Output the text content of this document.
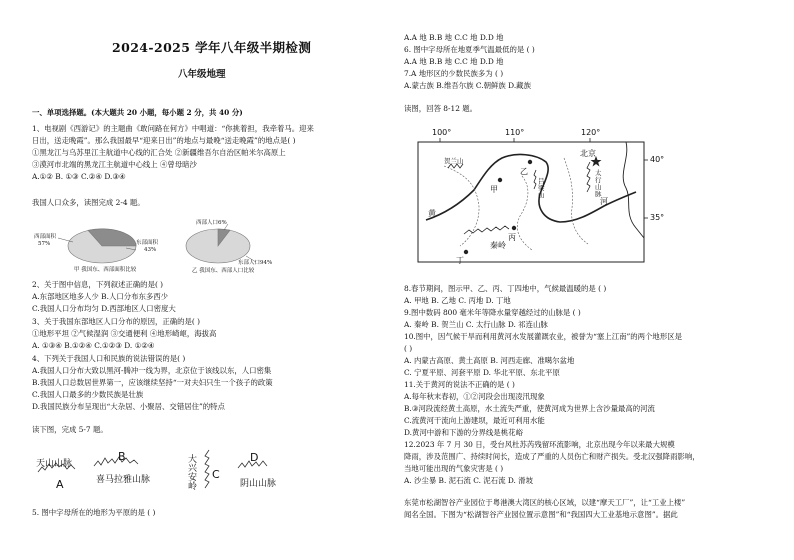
2024-2025 学年八年级半期检测
八年级地理
一、单项选择题。(本大题共 20 小题，每小题 2 分，共 40 分)
1、电视剧《西游记》的主题曲《敢问路在何方》中唱道：“你挑着担，我牵着马。迎来
日出，送走晚霞”。那么我国最早“迎来日出”的地点与最晚“送走晚霞”的地点是( )
①黑龙江与乌苏里江主航道中心线的汇合处 ②新疆维吾尔自治区帕米尔高原上
③漠河市北端的黑龙江主航道中心线上 ④曾母暗沙
A.①② B. ①③ C.②④ D.③④
我国人口众多，读图完成 2-4 题。
西部面积
57%	东部面积
43%
甲 我国东、西部面积比较
西部人口6%
东部人口94%
乙 我国东、西部人口比较
2、关于图中信息，下列叙述正确的是( )
A.东部地区地多人少 B.人口分布东多西少
C.我国人口分布均匀 D.西部地区人口密度大
3、关于我国东部地区人口分布的原因，正确的是( )
①地形平坦 ②气候湿润 ③交通便利 ④地形崎岖，海拔高
A. ①③④ B.①②④ C.①②③ D. ①②④
4、下列关于我国人口和民族的说法错误的是( )
A.我国人口分布大致以黑河-腾冲一线为界，北京位于该线以东，人口密集
B.我国人口总数居世界第一，应该继续坚持“一对夫妇只生一个孩子的政策
C.我国人口最多的少数民族是壮族
D.我国民族分布呈现出“大杂居、小聚居、交错居住”的特点
读下图，完成 5-7 题。
天山山脉
A
B
喜马拉雅山脉
大兴安岭
C
D
阴山山脉
5. 图中字母所在的地形为平原的是 ( )
A.A 地 B.B 地 C.C 地 D.D 地
6. 图中字母所在地夏季气温最低的是 ( )
A.A 地 B.B 地 C.C 地 D.D 地
7.A 地形区的少数民族多为 ( )
A.蒙古族 B.维吾尔族 C.朝鲜族 D.藏族
读图，回答 8-12 题。
100°	110°	120°
40°
35°
北京
甲
乙
丙
丁
河
秦岭
贺兰山
吕梁山
太行山脉
黄
8.春节期间，图示甲、乙、丙、丁四地中，气候最温暖的是 ( )
A. 甲地 B. 乙地 C. 丙地 D. 丁地
9.图中数码 800 毫米年等降水量穿越经过的山脉是 ( )
A. 秦岭 B. 贺兰山 C. 太行山脉 D. 祁连山脉
10.图中，因气候干旱而利用黄河水发展灌溉农业，被誉为“塞上江南”的两个地形区是
( )
A. 内蒙古高原、黄土高原 B. 河西走廊、准噶尔盆地
C. 宁夏平原、河套平原 D. 华北平原、东北平原
11.关于黄河的说法不正确的是 ( )
A.每年秋末春初，①②河段会出现凌汛现象
B.③河段流经黄土高原，水土流失严重，使黄河成为世界上含沙量最高的河流
C.流黄河干流向上游建坝，最近可利用水能
D.黄河中游和下游的分界线是桃花峪
12.2023 年 7 月 30 日，受台风杜苏芮残留环流影响，北京出现今年以来最大规模
降雨，涉及范围广、持续时间长，造成了严重的人员伤亡和财产损失。受北汉强降雨影响，
当地可能出现的气象灾害是 ( )
A. 沙尘暴 B. 泥石流 C. 泥石流 D. 滑坡
东莞市松湖智谷产业园位于粤港澳大湾区的核心区域，以建“摩天工厂”，让“工业上楼”
闻名全国。下图为“松湖智谷产业园位置示意图”和“我国四大工业基地示意图”。据此
